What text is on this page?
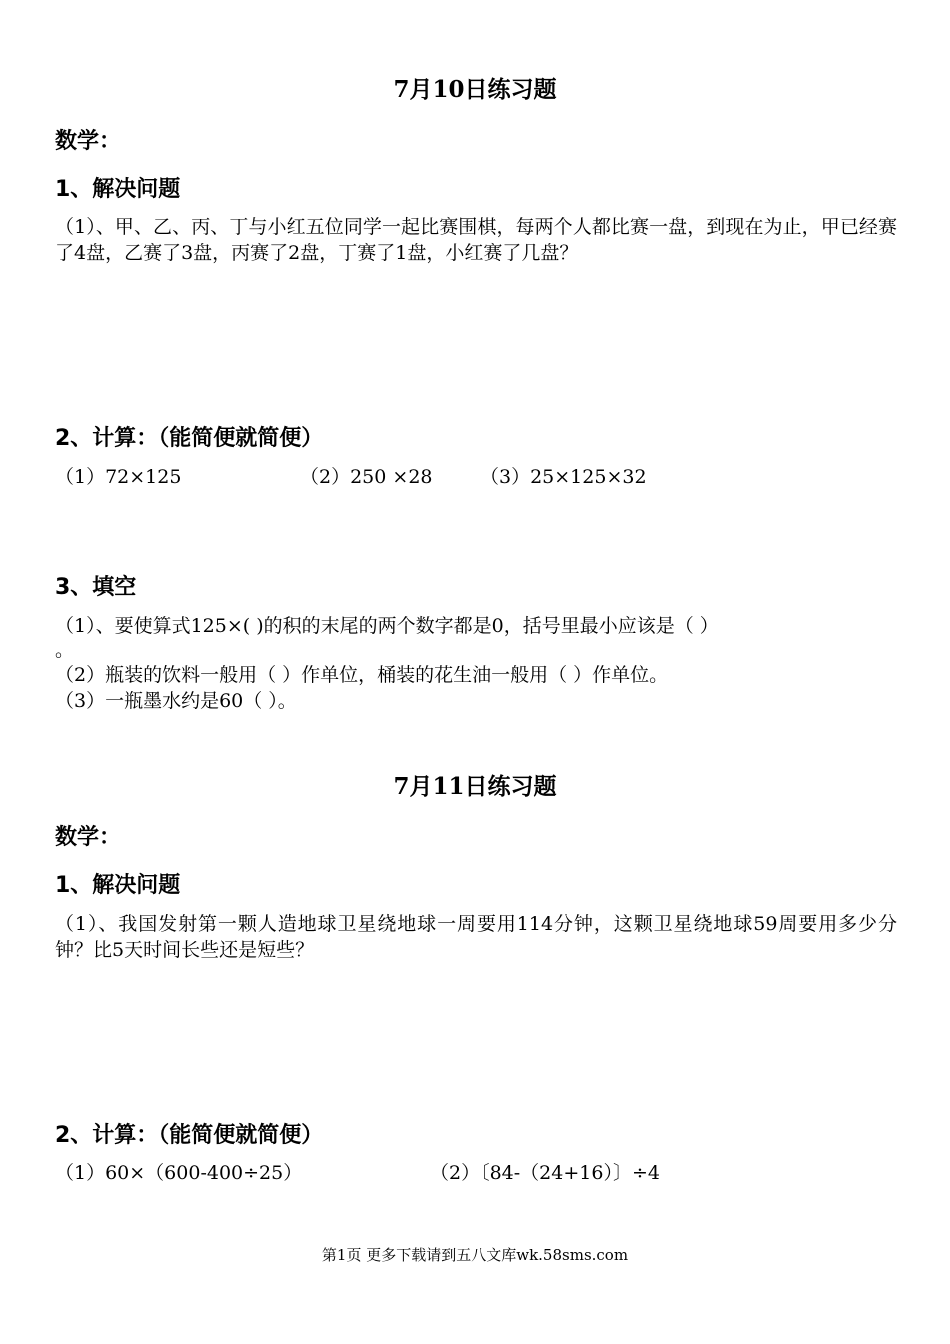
7月10日练习题
数学：
1、解决问题
（1）、甲、乙、丙、丁与小红五位同学一起比赛围棋，每两个人都比赛一盘，到现在为止，甲已经赛了4盘，乙赛了3盘，丙赛了2盘，丁赛了1盘，小红赛了几盘？
2、计算：（能简便就简便）
（1）72×125	（2）250 ×28	（3）25×125×32
3、填空
（1）、要使算式125×( )的积的末尾的两个数字都是0，括号里最小应该是（ ）
。
（2）瓶装的饮料一般用（ ）作单位，桶装的花生油一般用（ ）作单位。
（3）一瓶墨水约是60（ ）。
7月11日练习题
数学：
1、解决问题
（1）、我国发射第一颗人造地球卫星绕地球一周要用114分钟，这颗卫星绕地球59周要用多少分钟？比5天时间长些还是短些？
2、计算：（能简便就简便）
（1）60×（600-400÷25）	（2）〔84-（24+16）〕÷4
第1页 更多下载请到五八文库wk.58sms.com
